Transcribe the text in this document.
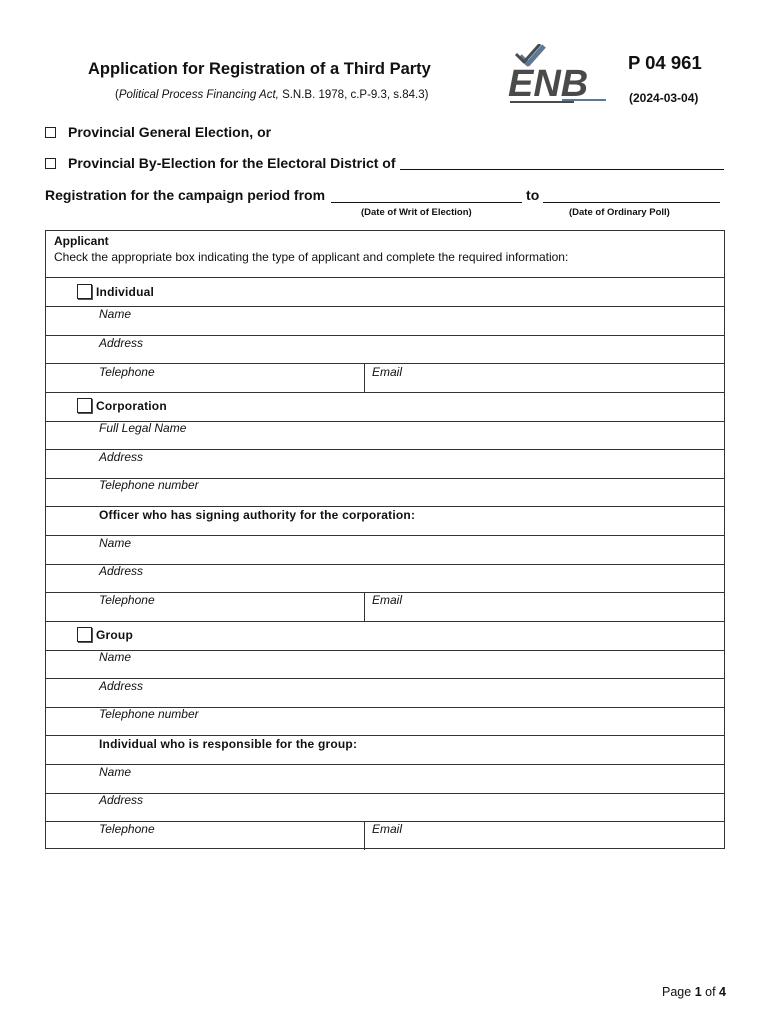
Application for Registration of a Third Party
(Political Process Financing Act, S.N.B. 1978, c.P-9.3, s.84.3) ENB
P 04 961
(2024-03-04)
Provincial General Election, or
Provincial By-Election for the Electoral District of
Registration for the campaign period from	to
(Date of Writ of Election)	(Date of Ordinary Poll)
Applicant
Check the appropriate box indicating the type of applicant and complete the required information:
Individual
Name
Address
Telephone	Email
Corporation
Full Legal Name
Address
Telephone number
Officer who has signing authority for the corporation:
Name
Address
Telephone	Email
Group
Name
Address
Telephone number
Individual who is responsible for the group:
Name
Address
Telephone	Email
Page 1 of 4
